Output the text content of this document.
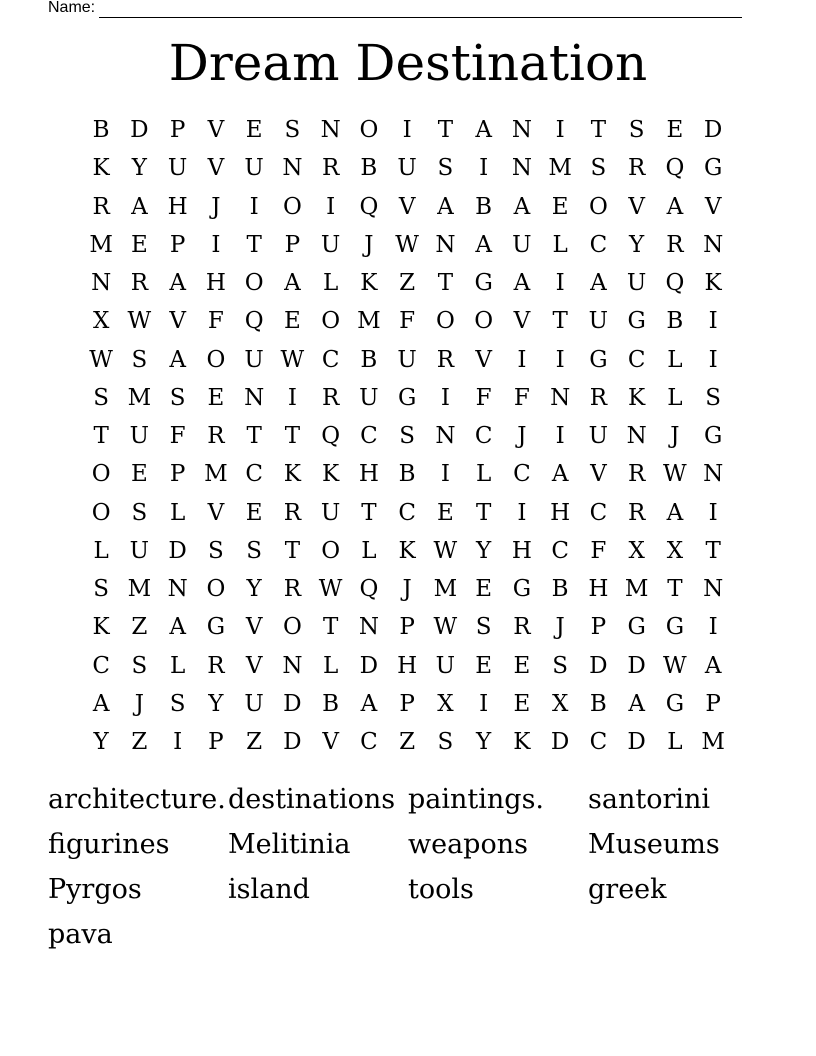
Name:
Dream Destination
B D P V E S N O	I	T A N	I	T S E D
K Y U V U N R B U S	I	N M S R Q G
R A H	J	I	O	I	Q V A B A E O V A V
M E P	I	T P U	J W N A U L C Y R N
N R A H O A L K Z T G A	I	A U Q K
X W V F Q E O M F O O V T U G B	I
W S A O U W C B U R V	I	I	G C L	I
S M S E N	I	R U G	I	F F N R K L S
T U F R T T Q C S N C	J	I	U N	J	G
O E P M C K K H B	I	L C A V R W N
O S L V E R U T C E T	I	H C R A	I
L U D S S T O L K W Y H C F X X T
S M N O Y R W Q	J M E G B H M T N
K Z A G V O T N P W S R	J	P G G	I
C S L R V N L D H U E E S D D W A
A	J	S Y U D B A P X	I	E X B A G P
Y Z	I	P Z D V C Z S Y K D C D L M
architecture. destinations paintings.	santorini
figurines	Melitinia	weapons	Museums
Pyrgos	island	tools	greek
pava
